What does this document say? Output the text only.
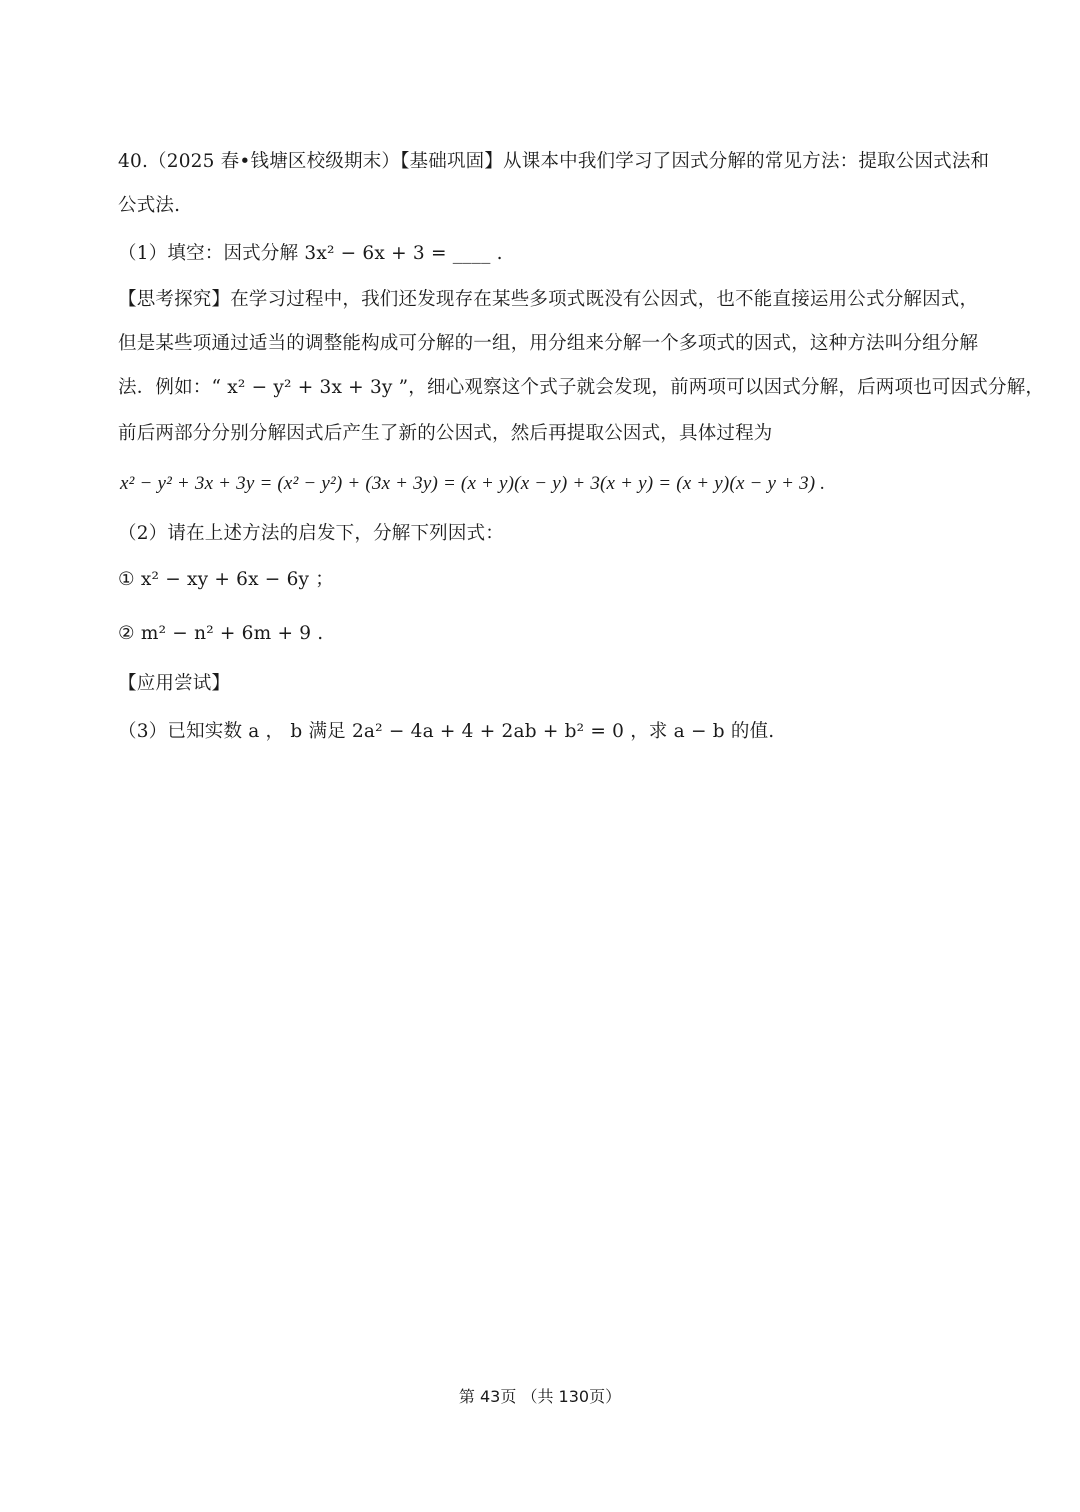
40.（2025 春•钱塘区校级期末）【基础巩固】从课本中我们学习了因式分解的常见方法：提取公因式法和
公式法.
（1）填空：因式分解 3x² − 6x + 3 = ____ .
【思考探究】在学习过程中，我们还发现存在某些多项式既没有公因式，也不能直接运用公式分解因式，
但是某些项通过适当的调整能构成可分解的一组，用分组来分解一个多项式的因式，这种方法叫分组分解
法．例如：“ x² − y² + 3x + 3y ”，细心观察这个式子就会发现，前两项可以因式分解，后两项也可因式分解，
前后两部分分别分解因式后产生了新的公因式，然后再提取公因式，具体过程为
x² − y² + 3x + 3y = (x² − y²) + (3x + 3y) = (x + y)(x − y) + 3(x + y) = (x + y)(x − y + 3) .
（2）请在上述方法的启发下，分解下列因式：
① x² − xy + 6x − 6y ；
② m² − n² + 6m + 9 .
【应用尝试】
（3）已知实数 a ， b 满足 2a² − 4a + 4 + 2ab + b² = 0 ，求 a − b 的值.
第 43页 （共 130页）
